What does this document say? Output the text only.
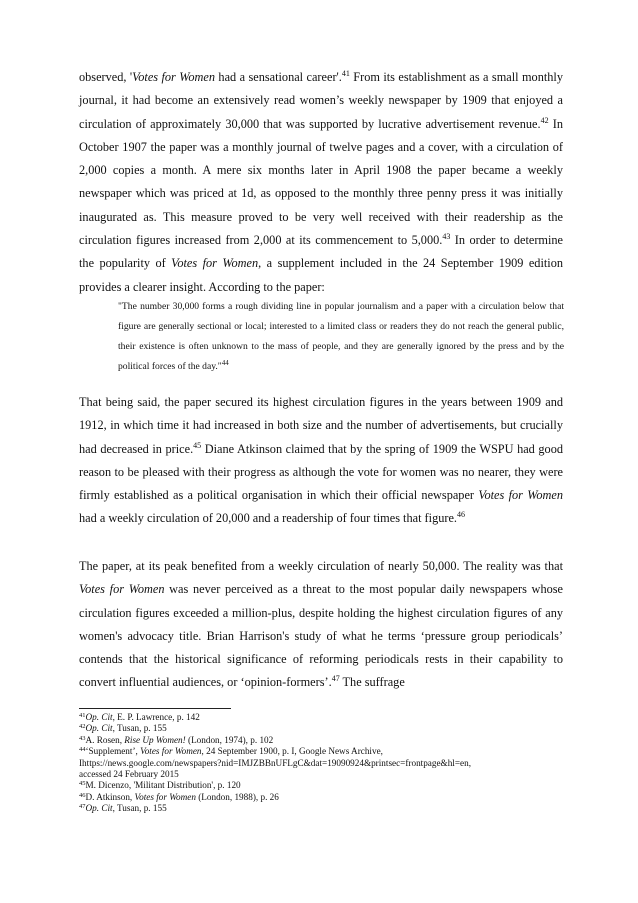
observed, 'Votes for Women had a sensational career'.$^{41}$ From its establishment as a small monthly journal, it had become an extensively read women’s weekly newspaper by 1909 that enjoyed a circulation of approximately 30,000 that was supported by lucrative advertisement revenue.$^{42}$ In October 1907 the paper was a monthly journal of twelve pages and a cover, with a circulation of 2,000 copies a month. A mere six months later in April 1908 the paper became a weekly newspaper which was priced at 1d, as opposed to the monthly three penny press it was initially inaugurated as. This measure proved to be very well received with their readership as the circulation figures increased from 2,000 at its commencement to 5,000.43 In order to determine the popularity of Votes for Women, a supplement included in the 24 September 1909 edition provides a clearer insight. According to the paper:

"The number 30,000 forms a rough dividing line in popular journalism and a paper with a circulation below that figure are generally sectional or local; interested to a limited class or readers they do not reach the general public, their existence is often unknown to the mass of people, and they are generally ignored by the press and by the political forces of the day."$^{44}$

That being said, the paper secured its highest circulation figures in the years between 1909 and 1912, in which time it had increased in both size and the number of advertisements, but crucially had decreased in price.$^{45}$ Diane Atkinson claimed that by the spring of 1909 the WSPU had good reason to be pleased with their progress as although the vote for women was no nearer, they were firmly established as a political organisation in which their official newspaper Votes for Women had a weekly circulation of 20,000 and a readership of four times that figure.$^{46}$

The paper, at its peak benefited from a weekly circulation of nearly 50,000. The reality was that Votes for Women was never perceived as a threat to the most popular daily newspapers whose circulation figures exceeded a million-plus, despite holding the highest circulation figures of any women's advocacy title. Brian Harrison's study of what he terms ‘pressure group periodicals’ contends that the historical significance of reforming periodicals rests in their capability to convert influential audiences, or ‘opinion-formers’.$^{47}$ The suffrage

$^{41}$Op. Cit, E. P. Lawrence, p. 142
$^{42}$Op. Cit, Tusan, p. 155
$^{43}$A. Rosen, Rise Up Women! (London, 1974), p. 102
$^{44}$‘Supplement’, Votes for Women, 24 September 1900, p. I, Google News Archive,
Ihttps://news.google.com/newspapers?nid=IMJZBBnUFLgC&dat=19090924&printsec=frontpage&hl=en,
accessed 24 February 2015
$^{45}$M. Dicenzo, 'Militant Distribution', p. 120
$^{46}$D. Atkinson, Votes for Women (London, 1988), p. 26
$^{47}$Op. Cit, Tusan, p. 155
